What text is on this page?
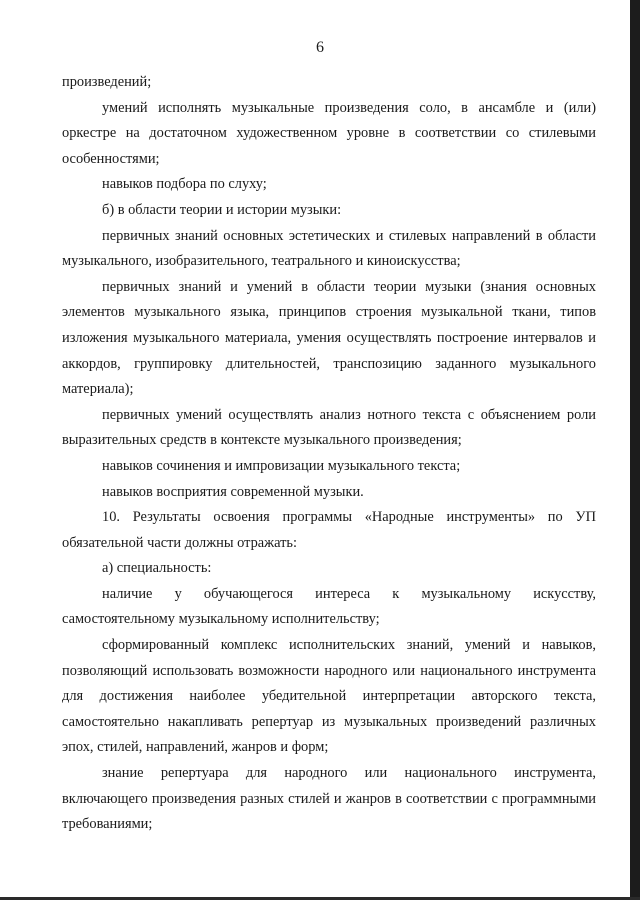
6

произведений;

умений исполнять музыкальные произведения соло, в ансамбле и (или) оркестре на достаточном художественном уровне в соответствии со стилевыми особенностями;

навыков подбора по слуху;

б) в области теории и истории музыки:

первичных знаний основных эстетических и стилевых направлений в области музыкального, изобразительного, театрального и киноискусства;

первичных знаний и умений в области теории музыки (знания основных элементов музыкального языка, принципов строения музыкальной ткани, типов изложения музыкального материала, умения осуществлять построение интервалов и аккордов, группировку длительностей, транспозицию заданного музыкального материала);

первичных умений осуществлять анализ нотного текста с объяснением роли выразительных средств в контексте музыкального произведения;

навыков сочинения и импровизации музыкального текста;

навыков восприятия современной музыки.

10. Результаты освоения программы «Народные инструменты» по УП обязательной части должны отражать:

а) специальность:

наличие у обучающегося интереса к музыкальному искусству, самостоятельному музыкальному исполнительству;

сформированный комплекс исполнительских знаний, умений и навыков, позволяющий использовать возможности народного или национального инструмента для достижения наиболее убедительной интерпретации авторского текста, самостоятельно накапливать репертуар из музыкальных произведений различных эпох, стилей, направлений, жанров и форм;

знание репертуара для народного или национального инструмента, включающего произведения разных стилей и жанров в соответствии с программными требованиями;
